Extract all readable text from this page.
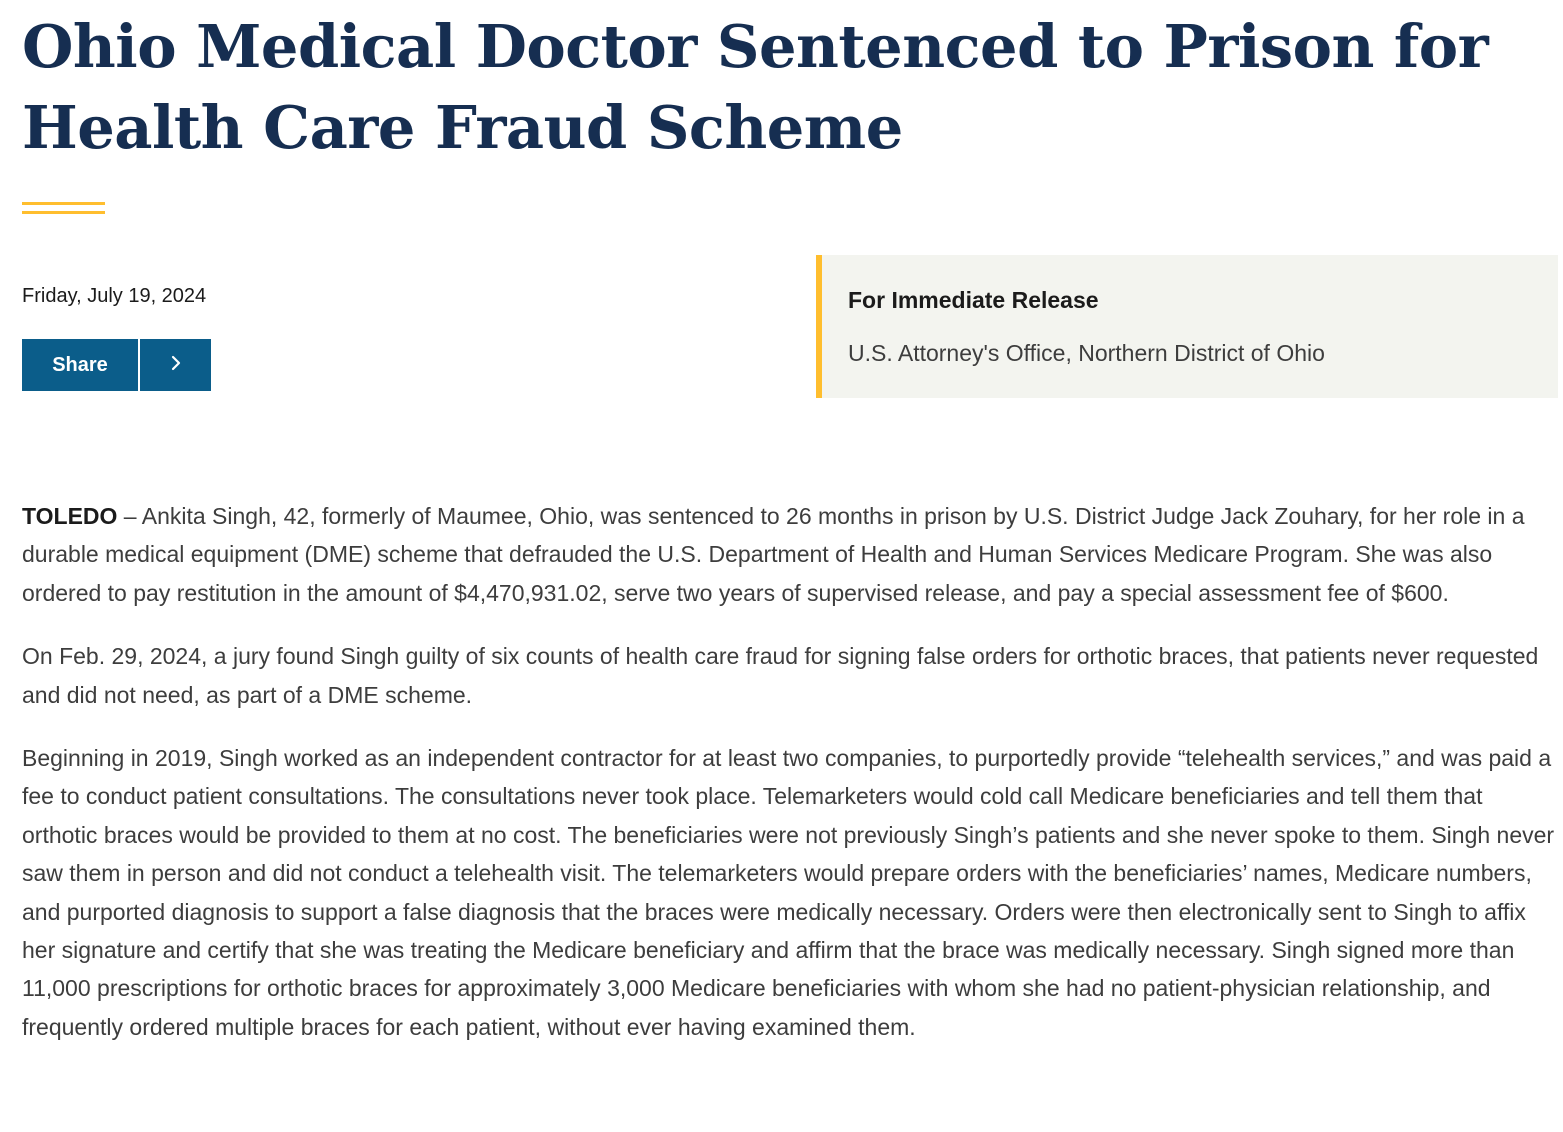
Ohio Medical Doctor Sentenced to Prison for Health Care Fraud Scheme
Friday, July 19, 2024
Share
For Immediate Release
U.S. Attorney's Office, Northern District of Ohio

TOLEDO – Ankita Singh, 42, formerly of Maumee, Ohio, was sentenced to 26 months in prison by U.S. District Judge Jack Zouhary, for her role in a durable medical equipment (DME) scheme that defrauded the U.S. Department of Health and Human Services Medicare Program. She was also ordered to pay restitution in the amount of $4,470,931.02, serve two years of supervised release, and pay a special assessment fee of $600.

On Feb. 29, 2024, a jury found Singh guilty of six counts of health care fraud for signing false orders for orthotic braces, that patients never requested and did not need, as part of a DME scheme.

Beginning in 2019, Singh worked as an independent contractor for at least two companies, to purportedly provide “telehealth services,” and was paid a fee to conduct patient consultations. The consultations never took place. Telemarketers would cold call Medicare beneficiaries and tell them that orthotic braces would be provided to them at no cost. The beneficiaries were not previously Singh’s patients and she never spoke to them. Singh never saw them in person and did not conduct a telehealth visit. The telemarketers would prepare orders with the beneficiaries’ names, Medicare numbers, and purported diagnosis to support a false diagnosis that the braces were medically necessary. Orders were then electronically sent to Singh to affix her signature and certify that she was treating the Medicare beneficiary and affirm that the brace was medically necessary. Singh signed more than 11,000 prescriptions for orthotic braces for approximately 3,000 Medicare beneficiaries with whom she had no patient-physician relationship, and frequently ordered multiple braces for each patient, without ever having examined them.
